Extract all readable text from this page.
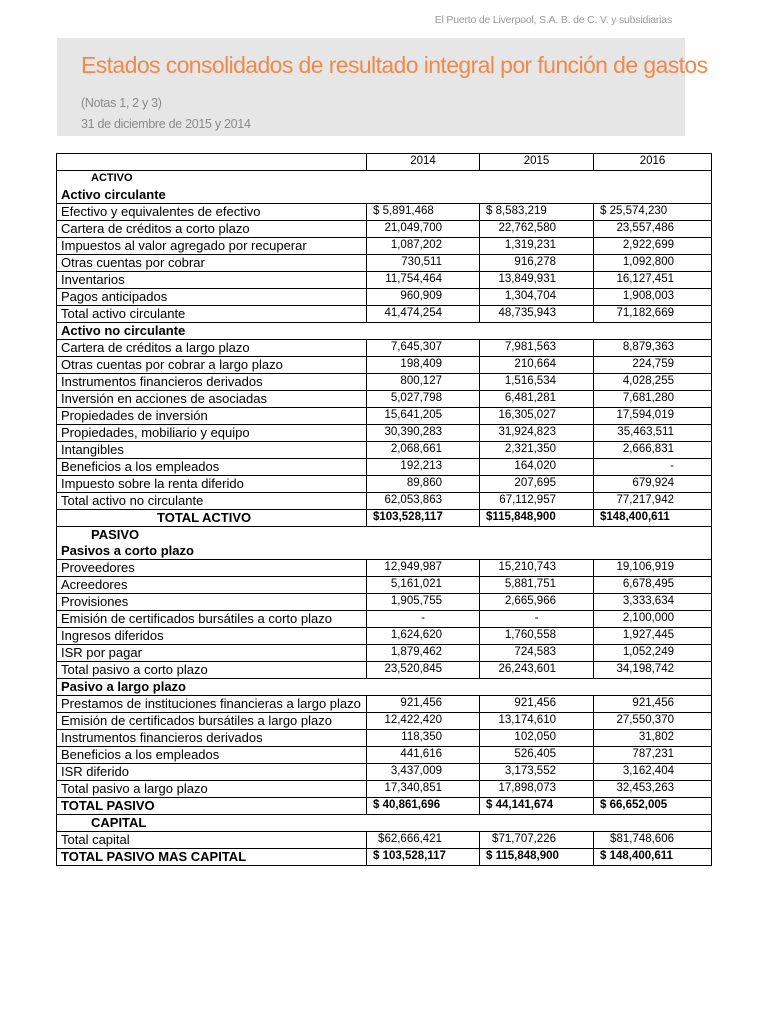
El Puerto de Liverpool, S.A. B. de C. V. y subsidiarias
Estados consolidados de resultado integral por función de gastos
(Notas 1, 2 y 3)
31 de diciembre de 2015 y 2014
	2014	2015	2016
ACTIVO			
Activo circulante			
Efectivo y equivalentes de efectivo	$ 5,891,468	$ 8,583,219	$ 25,574,230
Cartera de créditos a corto plazo	21,049,700	22,762,580	23,557,486
Impuestos al valor agregado por recuperar	1,087,202	1,319,231	2,922,699
Otras cuentas por cobrar	730,511	916,278	1,092,800
Inventarios	11,754,464	13,849,931	16,127,451
Pagos anticipados	960,909	1,304,704	1,908,003
Total activo circulante	41,474,254	48,735,943	71,182,669
Activo no circulante			
Cartera de créditos a largo plazo	7,645,307	7,981,563	8,879,363
Otras cuentas por cobrar a largo plazo	198,409	210,664	224,759
Instrumentos financieros derivados	800,127	1,516,534	4,028,255
Inversión en acciones de asociadas	5,027,798	6,481,281	7,681,280
Propiedades de inversión	15,641,205	16,305,027	17,594,019
Propiedades, mobiliario y equipo	30,390,283	31,924,823	35,463,511
Intangibles	2,068,661	2,321,350	2,666,831
Beneficios a los empleados	192,213	164,020	-
Impuesto sobre la renta diferido	89,860	207,695	679,924
Total activo no circulante	62,053,863	67,112,957	77,217,942
TOTAL ACTIVO	$103,528,117	$115,848,900	$148,400,611
PASIVO			
Pasivos a corto plazo			
Proveedores	12,949,987	15,210,743	19,106,919
Acreedores	5,161,021	5,881,751	6,678,495
Provisiones	1,905,755	2,665,966	3,333,634
Emisión de certificados bursátiles a corto plazo	-	-	2,100,000
Ingresos diferidos	1,624,620	1,760,558	1,927,445
ISR por pagar	1,879,462	724,583	1,052,249
Total pasivo a corto plazo	23,520,845	26,243,601	34,198,742
Pasivo a largo plazo			
Prestamos de instituciones financieras a largo plazo	921,456	921,456	921,456
Emisión de certificados bursátiles a largo plazo	12,422,420	13,174,610	27,550,370
Instrumentos financieros derivados	118,350	102,050	31,802
Beneficios a los empleados	441,616	526,405	787,231
ISR diferido	3,437,009	3,173,552	3,162,404
Total pasivo a largo plazo	17,340,851	17,898,073	32,453,263
TOTAL PASIVO	$ 40,861,696	$ 44,141,674	$ 66,652,005
CAPITAL			
Total capital	$62,666,421	$71,707,226	$81,748,606
TOTAL PASIVO MAS CAPITAL	$ 103,528,117	$ 115,848,900	$ 148,400,611
